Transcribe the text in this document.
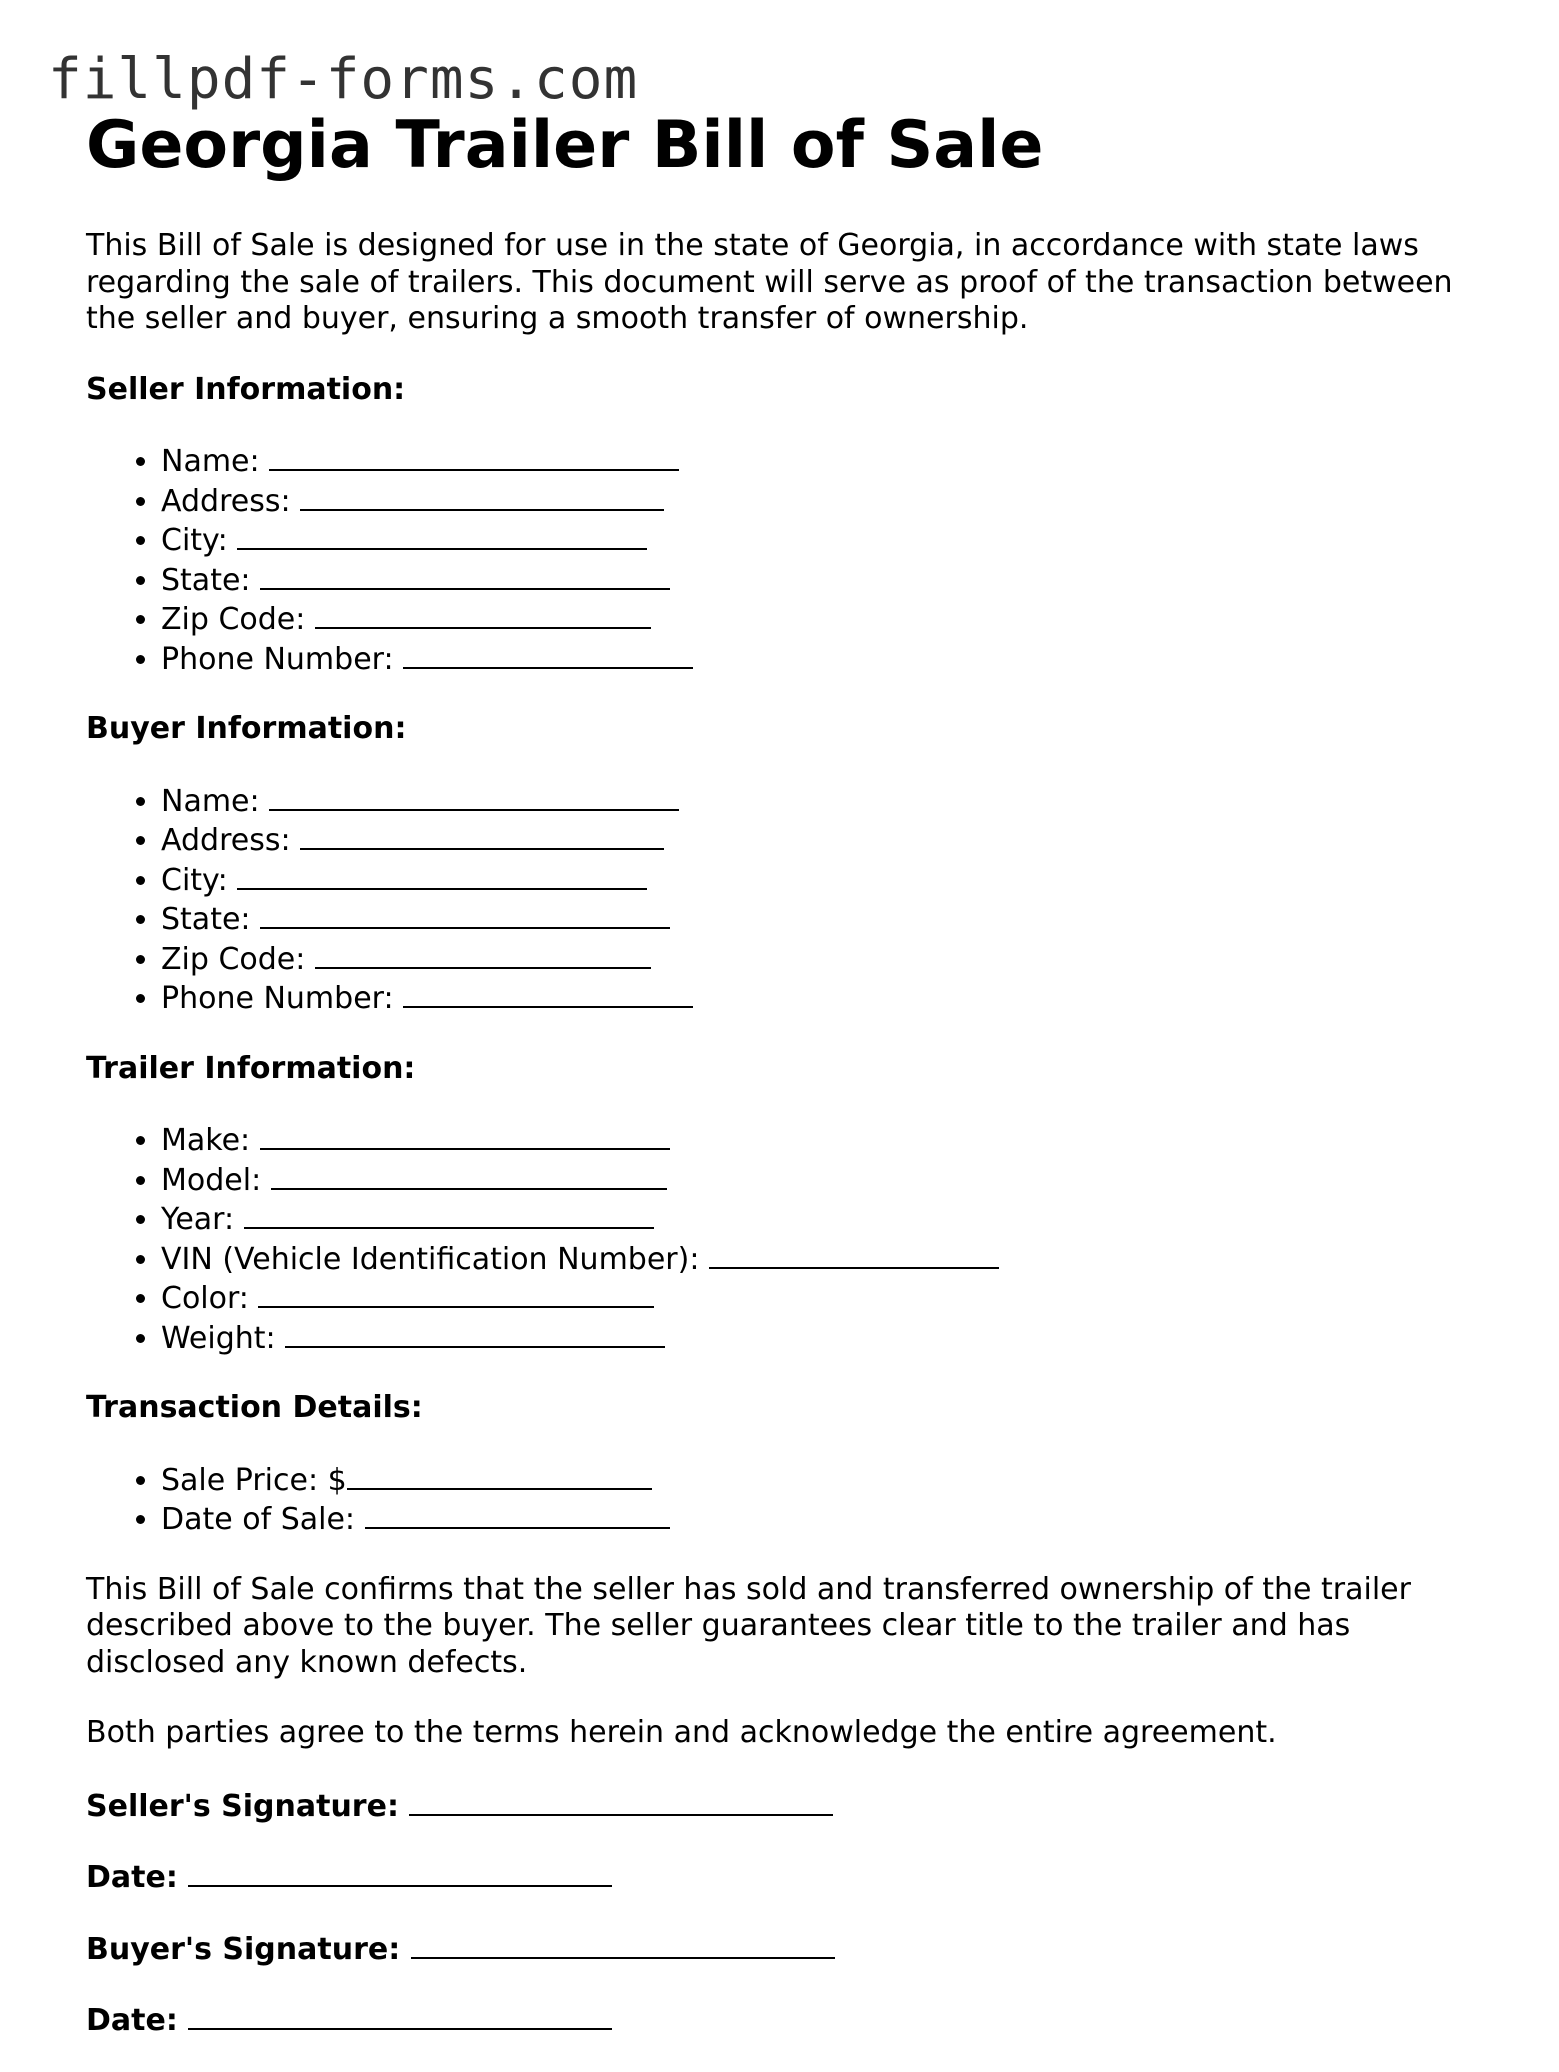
fillpdf-forms.com
Georgia Trailer Bill of Sale

This Bill of Sale is designed for use in the state of Georgia, in accordance with state laws regarding the sale of trailers. This document will serve as proof of the transaction between the seller and buyer, ensuring a smooth transfer of ownership.

Seller Information:
• Name:
• Address:
• City:
• State:
• Zip Code:
• Phone Number:
Buyer Information:
• Name:
• Address:
• City:
• State:
• Zip Code:
• Phone Number:
Trailer Information:
• Make:
• Model:
• Year:
• VIN (Vehicle Identification Number):
• Color:
• Weight:
Transaction Details:
• Sale Price: $
• Date of Sale:

This Bill of Sale confirms that the seller has sold and transferred ownership of the trailer described above to the buyer. The seller guarantees clear title to the trailer and has disclosed any known defects.

Both parties agree to the terms herein and acknowledge the entire agreement.

Seller's Signature:
Date:
Buyer's Signature:
Date:
